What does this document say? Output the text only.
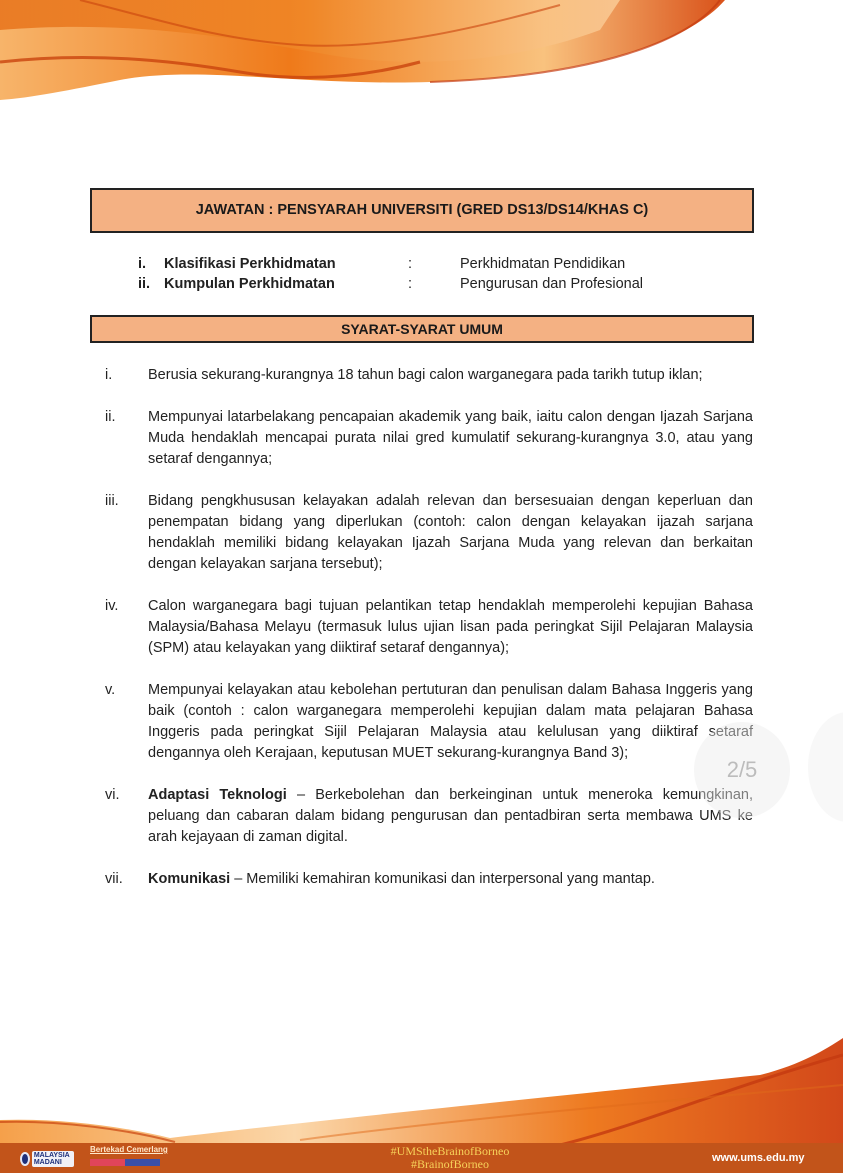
JAWATAN : PENSYARAH UNIVERSITI (GRED DS13/DS14/KHAS C)
i.	Klasifikasi Perkhidmatan	:	Perkhidmatan Pendidikan
ii. Kumpulan Perkhidmatan	:	Pengurusan dan Profesional
SYARAT-SYARAT UMUM
i.	Berusia sekurang-kurangnya 18 tahun bagi calon warganegara pada tarikh tutup iklan;
ii.	Mempunyai latarbelakang pencapaian akademik yang baik, iaitu calon dengan Ijazah Sarjana Muda hendaklah mencapai purata nilai gred kumulatif sekurang-kurangnya 3.0, atau yang setaraf dengannya;
iii.	Bidang pengkhususan kelayakan adalah relevan dan bersesuaian dengan keperluan dan penempatan bidang yang diperlukan (contoh: calon dengan kelayakan ijazah sarjana hendaklah memiliki bidang kelayakan Ijazah Sarjana Muda yang relevan dan berkaitan dengan kelayakan sarjana tersebut);
iv.	Calon warganegara bagi tujuan pelantikan tetap hendaklah memperolehi kepujian Bahasa Malaysia/Bahasa Melayu (termasuk lulus ujian lisan pada peringkat Sijil Pelajaran Malaysia (SPM) atau kelayakan yang diiktiraf setaraf dengannya);
v.	Mempunyai kelayakan atau kebolehan pertuturan dan penulisan dalam Bahasa Inggeris yang baik (contoh : calon warganegara memperolehi kepujian dalam mata pelajaran Bahasa Inggeris pada peringkat Sijil Pelajaran Malaysia atau kelulusan yang diiktiraf setaraf dengannya oleh Kerajaan, keputusan MUET sekurang-kurangnya Band 3);
vi.	Adaptasi Teknologi – Berkebolehan dan berkeinginan untuk meneroka kemungkinan, peluang dan cabaran dalam bidang pengurusan dan pentadbiran serta membawa UMS ke arah kejayaan di zaman digital.
vii.	Komunikasi – Memiliki kemahiran komunikasi dan interpersonal yang mantap.
2/5
MALAYSIA MADANI
Bertekad Cemerlang	#UMStheBrainofBorneo
#BrainofBorneo	www.ums.edu.my
